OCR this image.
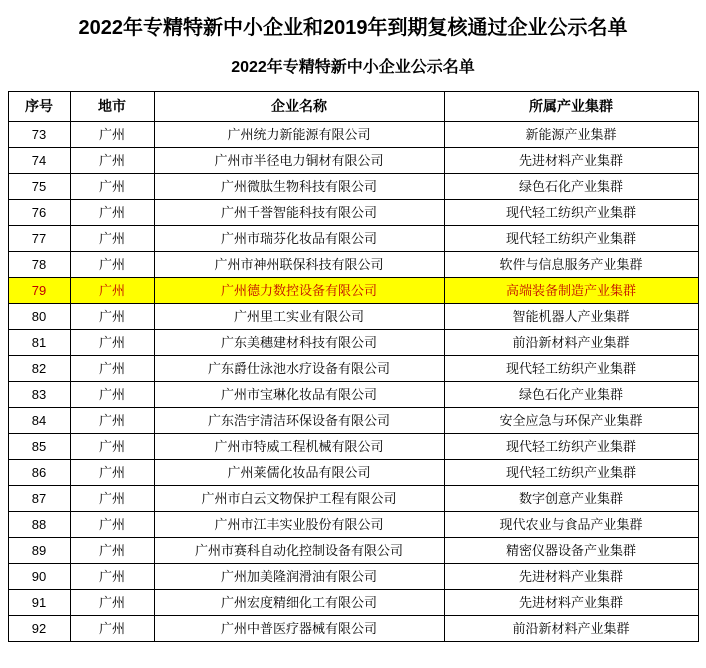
2022年专精特新中小企业和2019年到期复核通过企业公示名单
2022年专精特新中小企业公示名单
序号	地市	企业名称	所属产业集群
73	广州	广州统力新能源有限公司	新能源产业集群
74	广州	广州市半径电力铜材有限公司	先进材料产业集群
75	广州	广州微肽生物科技有限公司	绿色石化产业集群
76	广州	广州千誉智能科技有限公司	现代轻工纺织产业集群
77	广州	广州市瑞芬化妆品有限公司	现代轻工纺织产业集群
78	广州	广州市神州联保科技有限公司	软件与信息服务产业集群
79	广州	广州德力数控设备有限公司	高端装备制造产业集群
80	广州	广州里工实业有限公司	智能机器人产业集群
81	广州	广东美穗建材科技有限公司	前沿新材料产业集群
82	广州	广东爵仕泳池水疗设备有限公司	现代轻工纺织产业集群
83	广州	广州市宝琳化妆品有限公司	绿色石化产业集群
84	广州	广东浩宇清洁环保设备有限公司	安全应急与环保产业集群
85	广州	广州市特威工程机械有限公司	现代轻工纺织产业集群
86	广州	广州莱儒化妆品有限公司	现代轻工纺织产业集群
87	广州	广州市白云文物保护工程有限公司	数字创意产业集群
88	广州	广州市江丰实业股份有限公司	现代农业与食品产业集群
89	广州	广州市赛科自动化控制设备有限公司	精密仪器设备产业集群
90	广州	广州加美隆润滑油有限公司	先进材料产业集群
91	广州	广州宏度精细化工有限公司	先进材料产业集群
92	广州	广州中普医疗器械有限公司	前沿新材料产业集群
